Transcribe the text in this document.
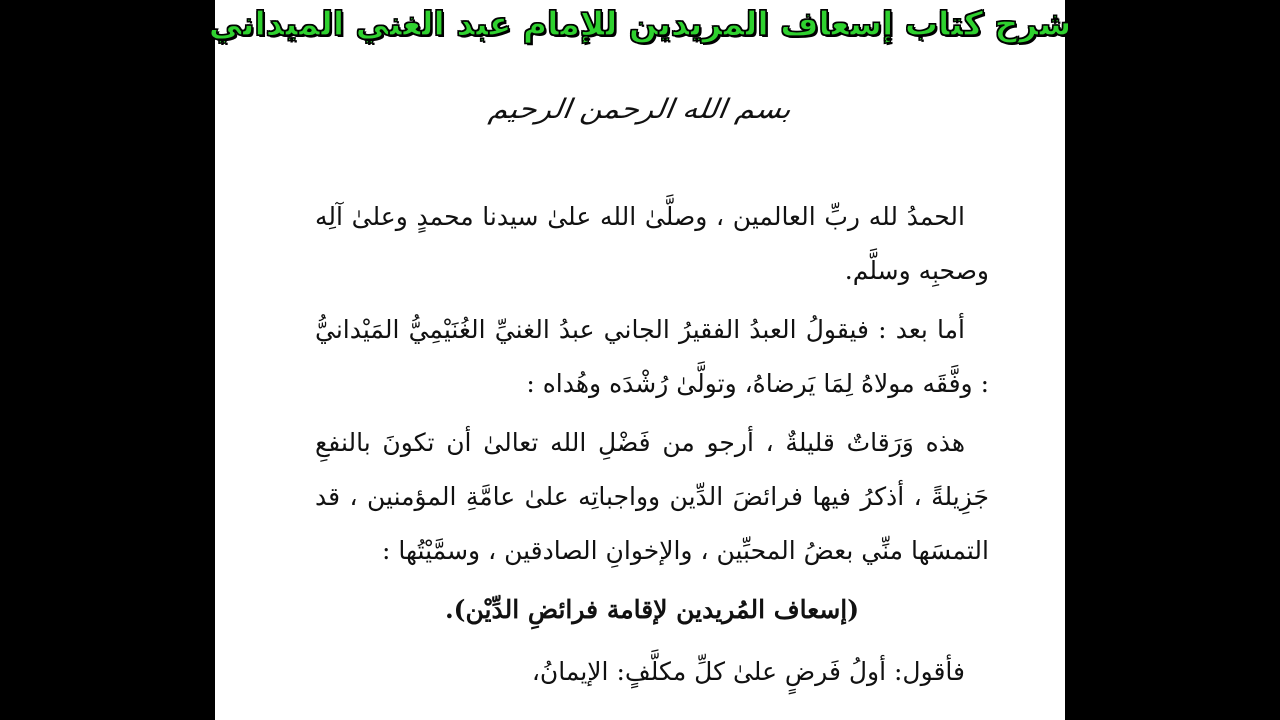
شرح كتاب إسعاف المريدين للإمام عبد الغني الميداني
بسم الله الرحمن الرحيم

الحمدُ لله ربِّ العالمين ، وصلَّىٰ الله علىٰ سيدنا محمدٍ وعلىٰ آلِه وصحبِه وسلَّم.

أما بعد : فيقولُ العبدُ الفقيرُ الجاني عبدُ الغنيِّ الغُنَيْمِيُّ المَيْدانيُّ : وفَّقَه مولاهُ لِمَا يَرضاهُ، وتولَّىٰ رُشْدَه وهُداه :

هذه وَرَقاتٌ قليلةٌ ، أرجو من فَضْلِ الله تعالىٰ أن تكونَ بالنفعِ جَزِيلةً ، أذكرُ فيها فرائضَ الدِّين وواجباتِه علىٰ عامَّةِ المؤمنين ، قد التمسَها منِّي بعضُ المحبِّين ، والإخوانِ الصادقين ، وسمَّيْتُها :

(إسعاف المُريدين لإقامة فرائضِ الدِّيْن).

فأقول: أولُ فَرضٍ علىٰ كلِّ مكلَّفٍ: الإيمانُ،
